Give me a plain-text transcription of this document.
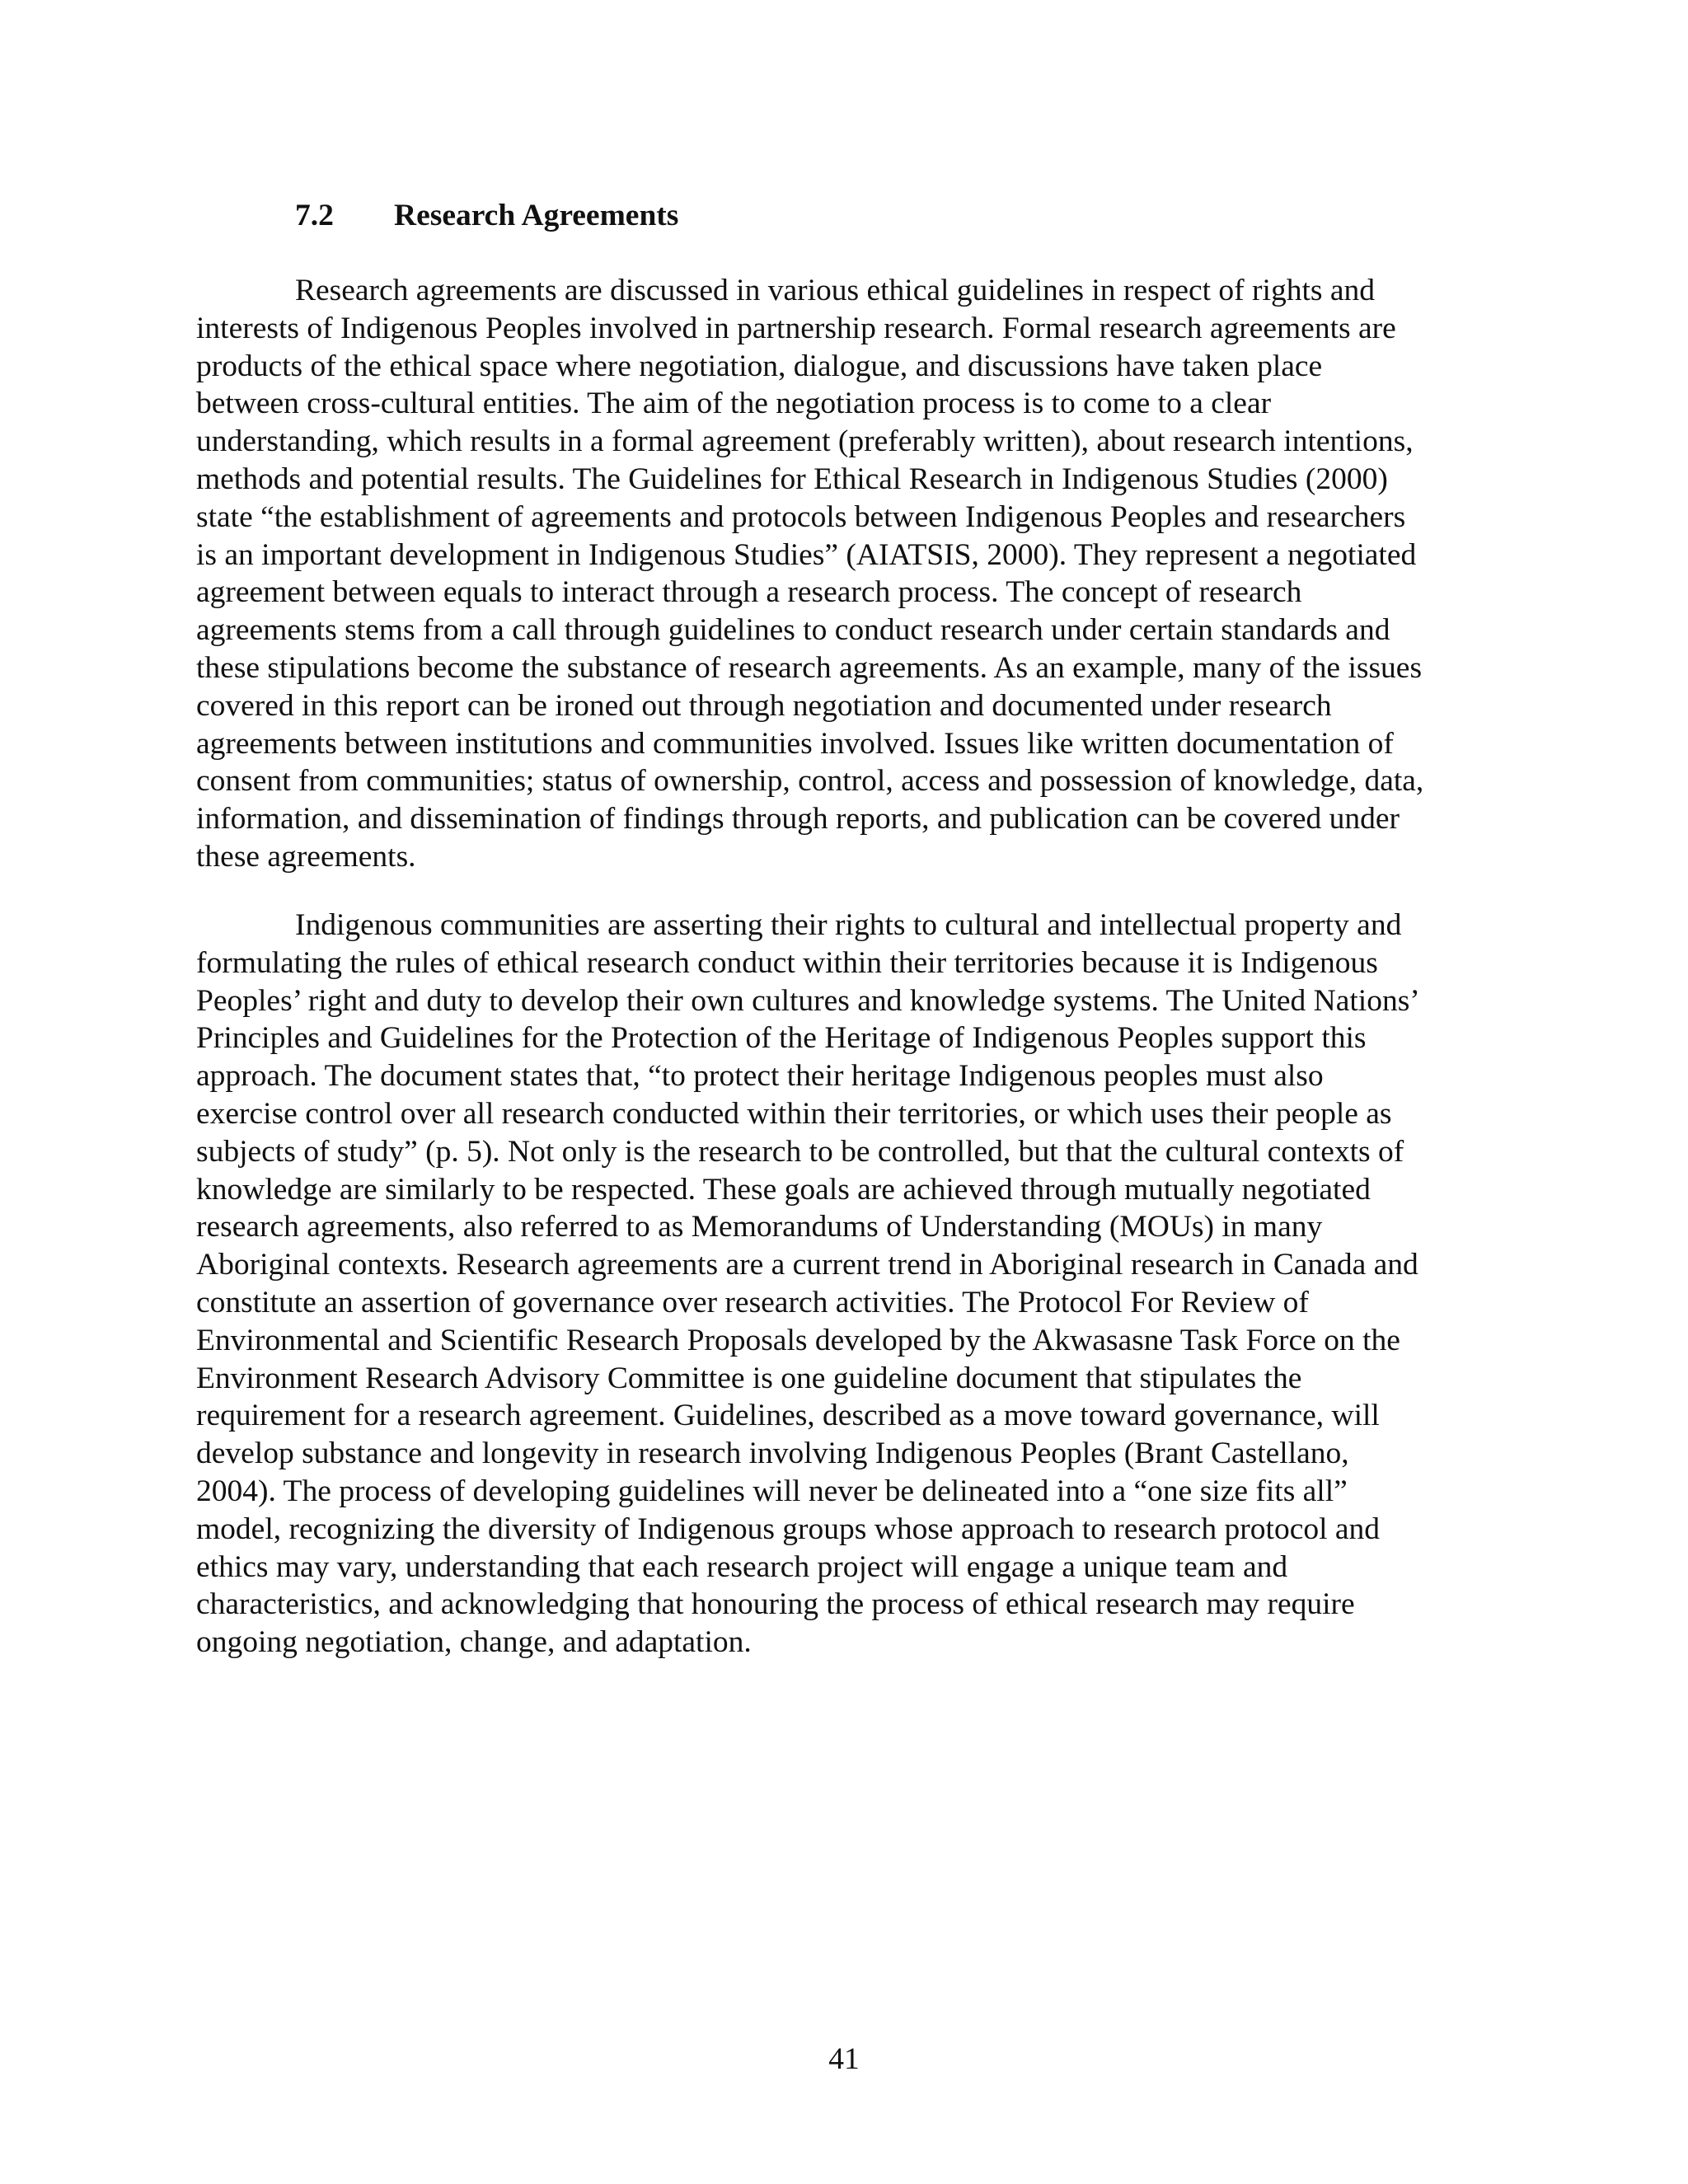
7.2 Research Agreements

Research agreements are discussed in various ethical guidelines in respect of rights and
interests of Indigenous Peoples involved in partnership research. Formal research agreements are
products of the ethical space where negotiation, dialogue, and discussions have taken place
between cross-cultural entities. The aim of the negotiation process is to come to a clear
understanding, which results in a formal agreement (preferably written), about research intentions,
methods and potential results. The Guidelines for Ethical Research in Indigenous Studies (2000)
state “the establishment of agreements and protocols between Indigenous Peoples and researchers
is an important development in Indigenous Studies” (AIATSIS, 2000). They represent a negotiated
agreement between equals to interact through a research process. The concept of research
agreements stems from a call through guidelines to conduct research under certain standards and
these stipulations become the substance of research agreements. As an example, many of the issues
covered in this report can be ironed out through negotiation and documented under research
agreements between institutions and communities involved. Issues like written documentation of
consent from communities; status of ownership, control, access and possession of knowledge, data,
information, and dissemination of findings through reports, and publication can be covered under
these agreements.

Indigenous communities are asserting their rights to cultural and intellectual property and
formulating the rules of ethical research conduct within their territories because it is Indigenous
Peoples’ right and duty to develop their own cultures and knowledge systems. The United Nations’
Principles and Guidelines for the Protection of the Heritage of Indigenous Peoples support this
approach. The document states that, “to protect their heritage Indigenous peoples must also
exercise control over all research conducted within their territories, or which uses their people as
subjects of study” (p. 5). Not only is the research to be controlled, but that the cultural contexts of
knowledge are similarly to be respected. These goals are achieved through mutually negotiated
research agreements, also referred to as Memorandums of Understanding (MOUs) in many
Aboriginal contexts. Research agreements are a current trend in Aboriginal research in Canada and
constitute an assertion of governance over research activities. The Protocol For Review of
Environmental and Scientific Research Proposals developed by the Akwasasne Task Force on the
Environment Research Advisory Committee is one guideline document that stipulates the
requirement for a research agreement. Guidelines, described as a move toward governance, will
develop substance and longevity in research involving Indigenous Peoples (Brant Castellano,
2004). The process of developing guidelines will never be delineated into a “one size fits all”
model, recognizing the diversity of Indigenous groups whose approach to research protocol and
ethics may vary, understanding that each research project will engage a unique team and
characteristics, and acknowledging that honouring the process of ethical research may require
ongoing negotiation, change, and adaptation.

41
